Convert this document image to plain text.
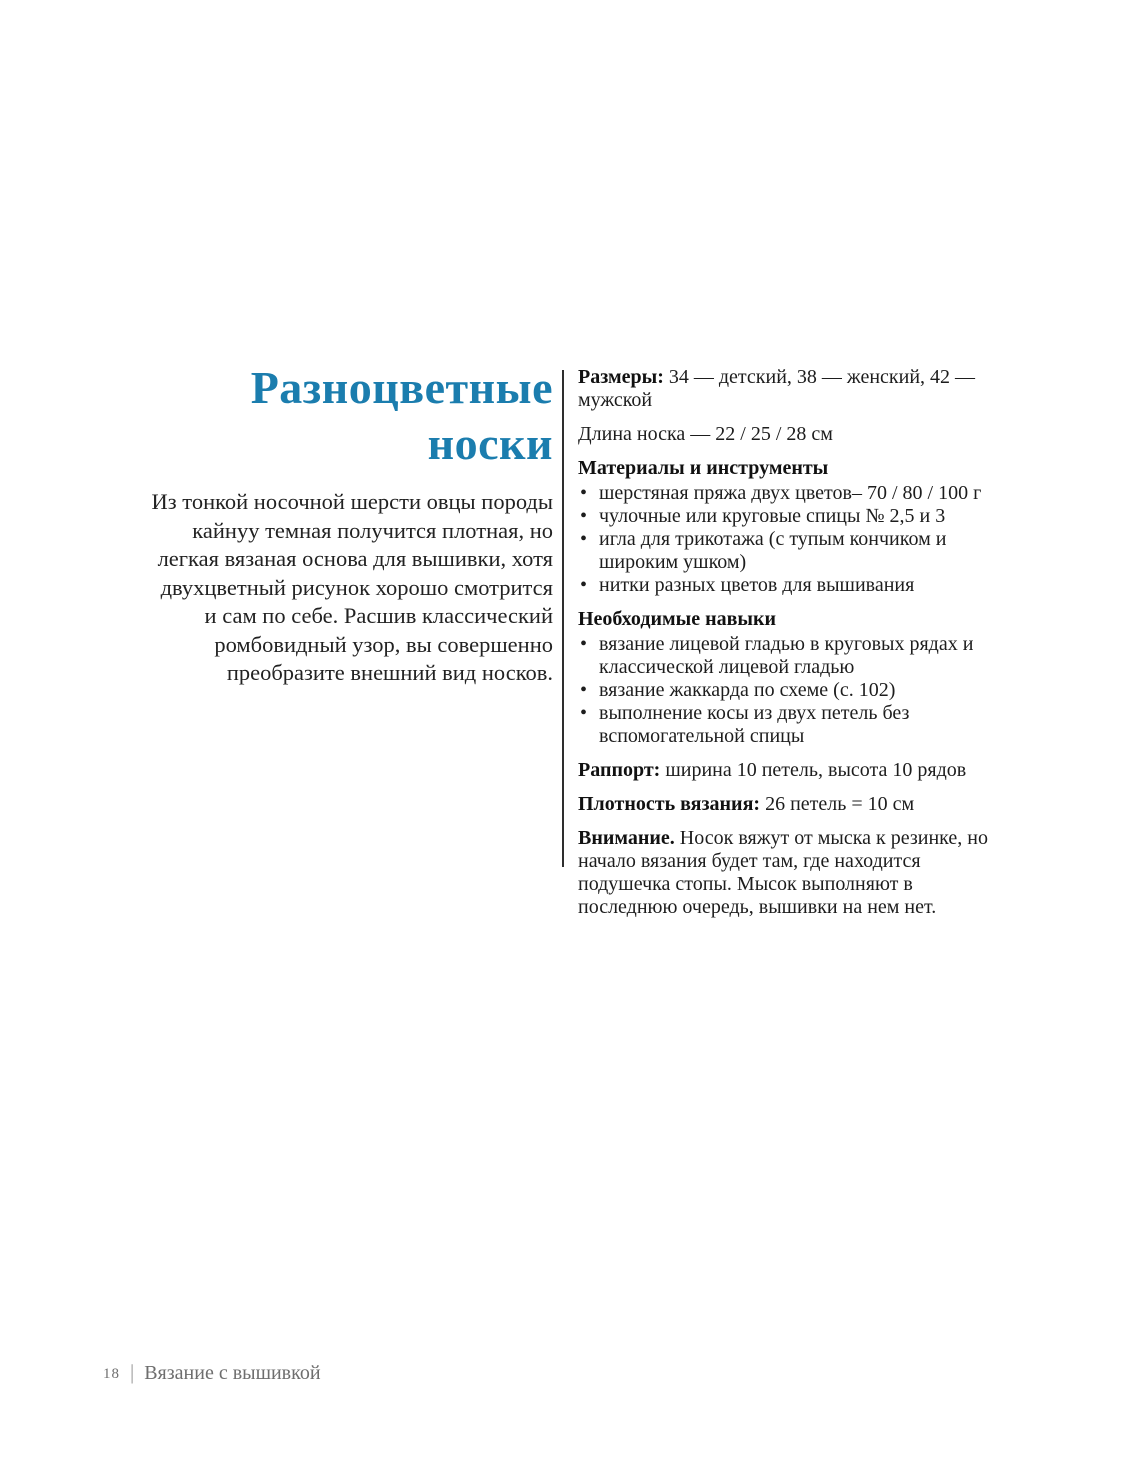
Разноцветные носки

Из тонкой носочной шерсти овцы породы кайнуу темная получится плотная, но легкая вязаная основа для вышивки, хотя двухцветный рисунок хорошо смотрится и сам по себе. Расшив классический ромбовидный узор, вы совершенно преобразите внешний вид носков.

Размеры: 34 — детский, 38 — женский, 42 — мужской

Длина носка — 22 / 25 / 28 см

Материалы и инструменты
• шерстяная пряжа двух цветов– 70 / 80 / 100 г
• чулочные или круговые спицы № 2,5 и 3
• игла для трикотажа (с тупым кончиком и широким ушком)
• нитки разных цветов для вышивания
Необходимые навыки
• вязание лицевой гладью в круговых рядах и классической лицевой гладью
• вязание жаккарда по схеме (с. 102)
• выполнение косы из двух петель без вспомогательной спицы

Раппорт: ширина 10 петель, высота 10 рядов

Плотность вязания: 26 петель = 10 см

Внимание. Носок вяжут от мыска к резинке, но начало вязания будет там, где находится подушечка стопы. Мысок выполняют в последнюю очередь, вышивки на нем нет.

18 | Вязание с вышивкой
